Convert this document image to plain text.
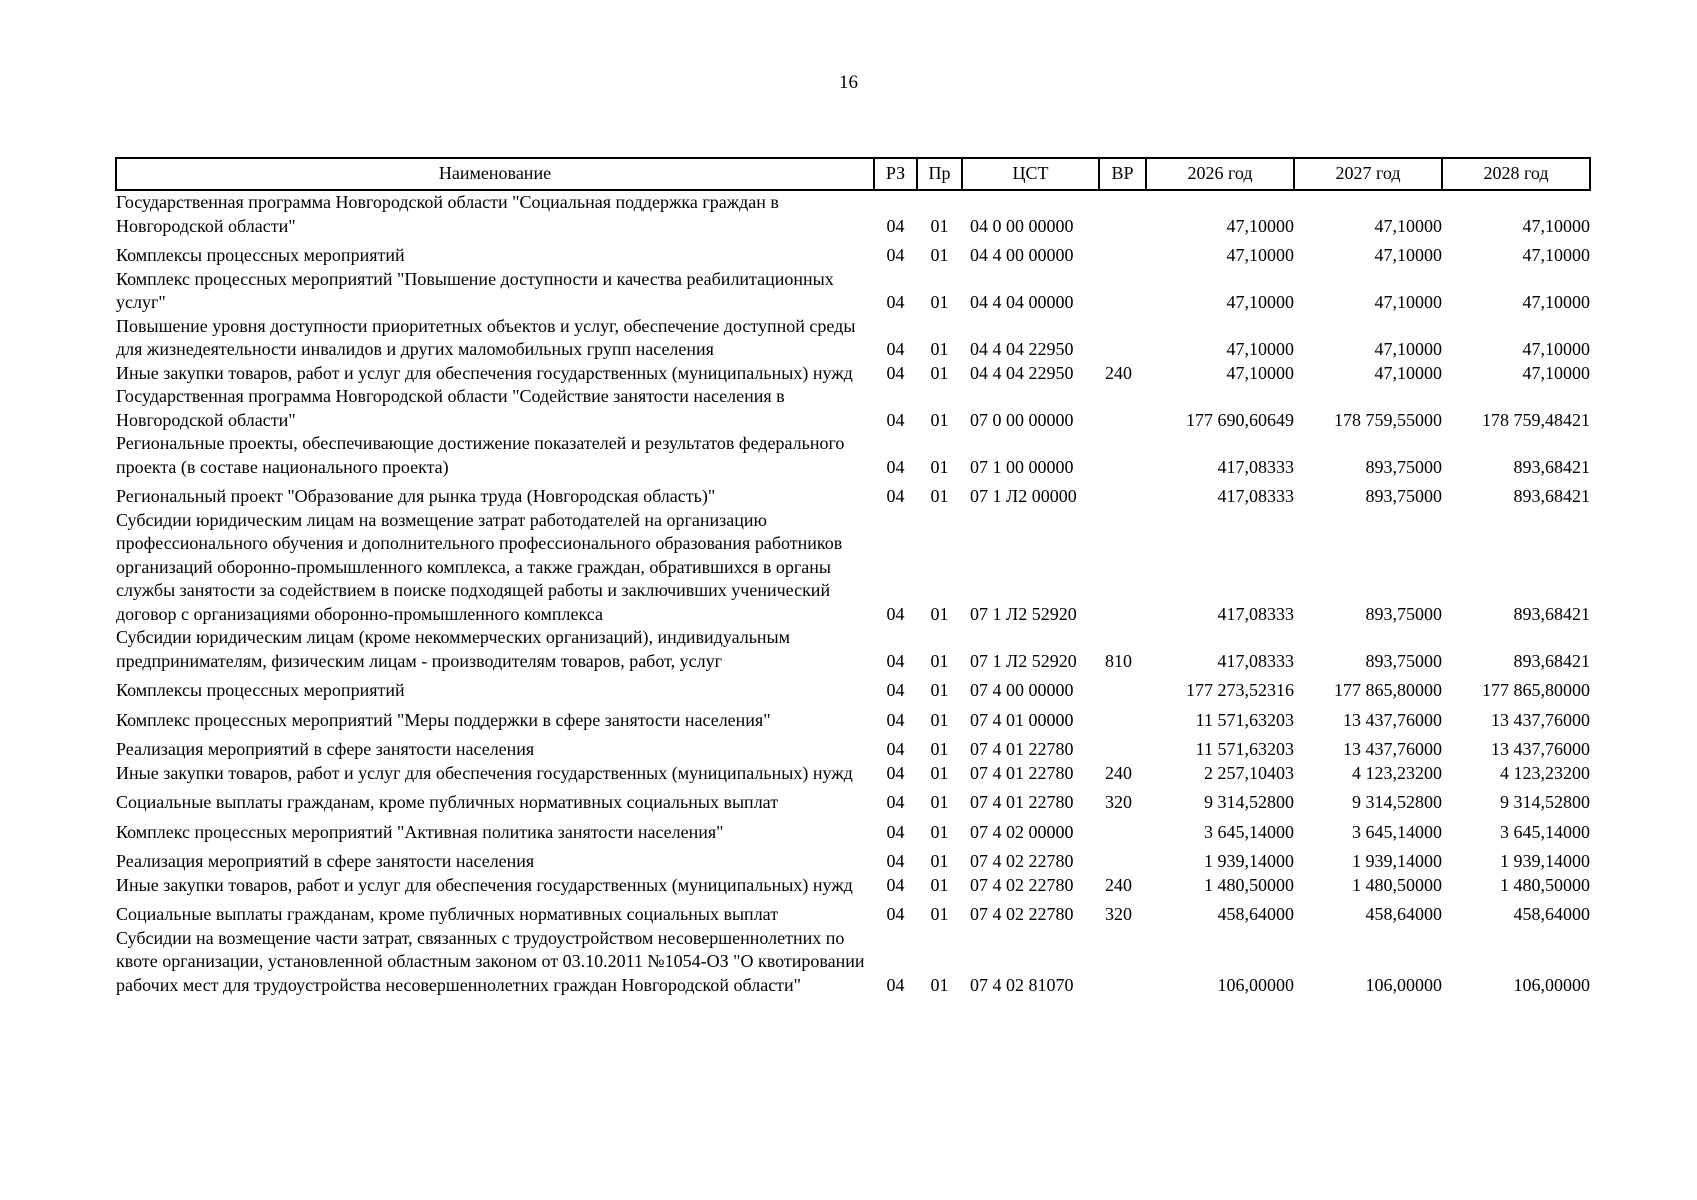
16
Наименование	РЗ	Пр	ЦСТ	ВР	2026 год	2027 год	2028 год
Государственная программа Новгородской области "Социальная поддержка граждан в Новгородской области"	04	01	04 0 00 00000		47,10000	47,10000	47,10000
Комплексы процессных мероприятий	04	01	04 4 00 00000		47,10000	47,10000	47,10000
Комплекс процессных мероприятий "Повышение доступности и качества реабилитационных услуг"	04	01	04 4 04 00000		47,10000	47,10000	47,10000
Повышение уровня доступности приоритетных объектов и услуг, обеспечение доступной среды для жизнедеятельности инвалидов и других маломобильных групп населения	04	01	04 4 04 22950		47,10000	47,10000	47,10000
Иные закупки товаров, работ и услуг для обеспечения государственных (муниципальных) нужд	04	01	04 4 04 22950	240	47,10000	47,10000	47,10000
Государственная программа Новгородской области "Содействие занятости населения в Новгородской области"	04	01	07 0 00 00000		177 690,60649	178 759,55000	178 759,48421
Региональные проекты, обеспечивающие достижение показателей и результатов федерального проекта (в составе национального проекта)	04	01	07 1 00 00000		417,08333	893,75000	893,68421
Региональный проект "Образование для рынка труда (Новгородская область)"	04	01	07 1 Л2 00000		417,08333	893,75000	893,68421
Субсидии юридическим лицам на возмещение затрат работодателей на организацию профессионального обучения и дополнительного профессионального образования работников организаций оборонно-промышленного комплекса, а также граждан, обратившихся в органы службы занятости за содействием в поиске подходящей работы и заключивших ученический договор с организациями оборонно-промышленного комплекса	04	01	07 1 Л2 52920		417,08333	893,75000	893,68421
Субсидии юридическим лицам (кроме некоммерческих организаций), индивидуальным предпринимателям, физическим лицам - производителям товаров, работ, услуг	04	01	07 1 Л2 52920	810	417,08333	893,75000	893,68421
Комплексы процессных мероприятий	04	01	07 4 00 00000		177 273,52316	177 865,80000	177 865,80000
Комплекс процессных мероприятий "Меры поддержки в сфере занятости населения"	04	01	07 4 01 00000		11 571,63203	13 437,76000	13 437,76000
Реализация мероприятий в сфере занятости населения	04	01	07 4 01 22780		11 571,63203	13 437,76000	13 437,76000
Иные закупки товаров, работ и услуг для обеспечения государственных (муниципальных) нужд	04	01	07 4 01 22780	240	2 257,10403	4 123,23200	4 123,23200
Социальные выплаты гражданам, кроме публичных нормативных социальных выплат	04	01	07 4 01 22780	320	9 314,52800	9 314,52800	9 314,52800
Комплекс процессных мероприятий "Активная политика занятости населения"	04	01	07 4 02 00000		3 645,14000	3 645,14000	3 645,14000
Реализация мероприятий в сфере занятости населения	04	01	07 4 02 22780		1 939,14000	1 939,14000	1 939,14000
Иные закупки товаров, работ и услуг для обеспечения государственных (муниципальных) нужд	04	01	07 4 02 22780	240	1 480,50000	1 480,50000	1 480,50000
Социальные выплаты гражданам, кроме публичных нормативных социальных выплат	04	01	07 4 02 22780	320	458,64000	458,64000	458,64000
Субсидии на возмещение части затрат, связанных с трудоустройством несовершеннолетних по квоте организации, установленной областным законом от 03.10.2011 №1054-ОЗ "О квотировании рабочих мест для трудоустройства несовершеннолетних граждан Новгородской области"	04	01	07 4 02 81070		106,00000	106,00000	106,00000
